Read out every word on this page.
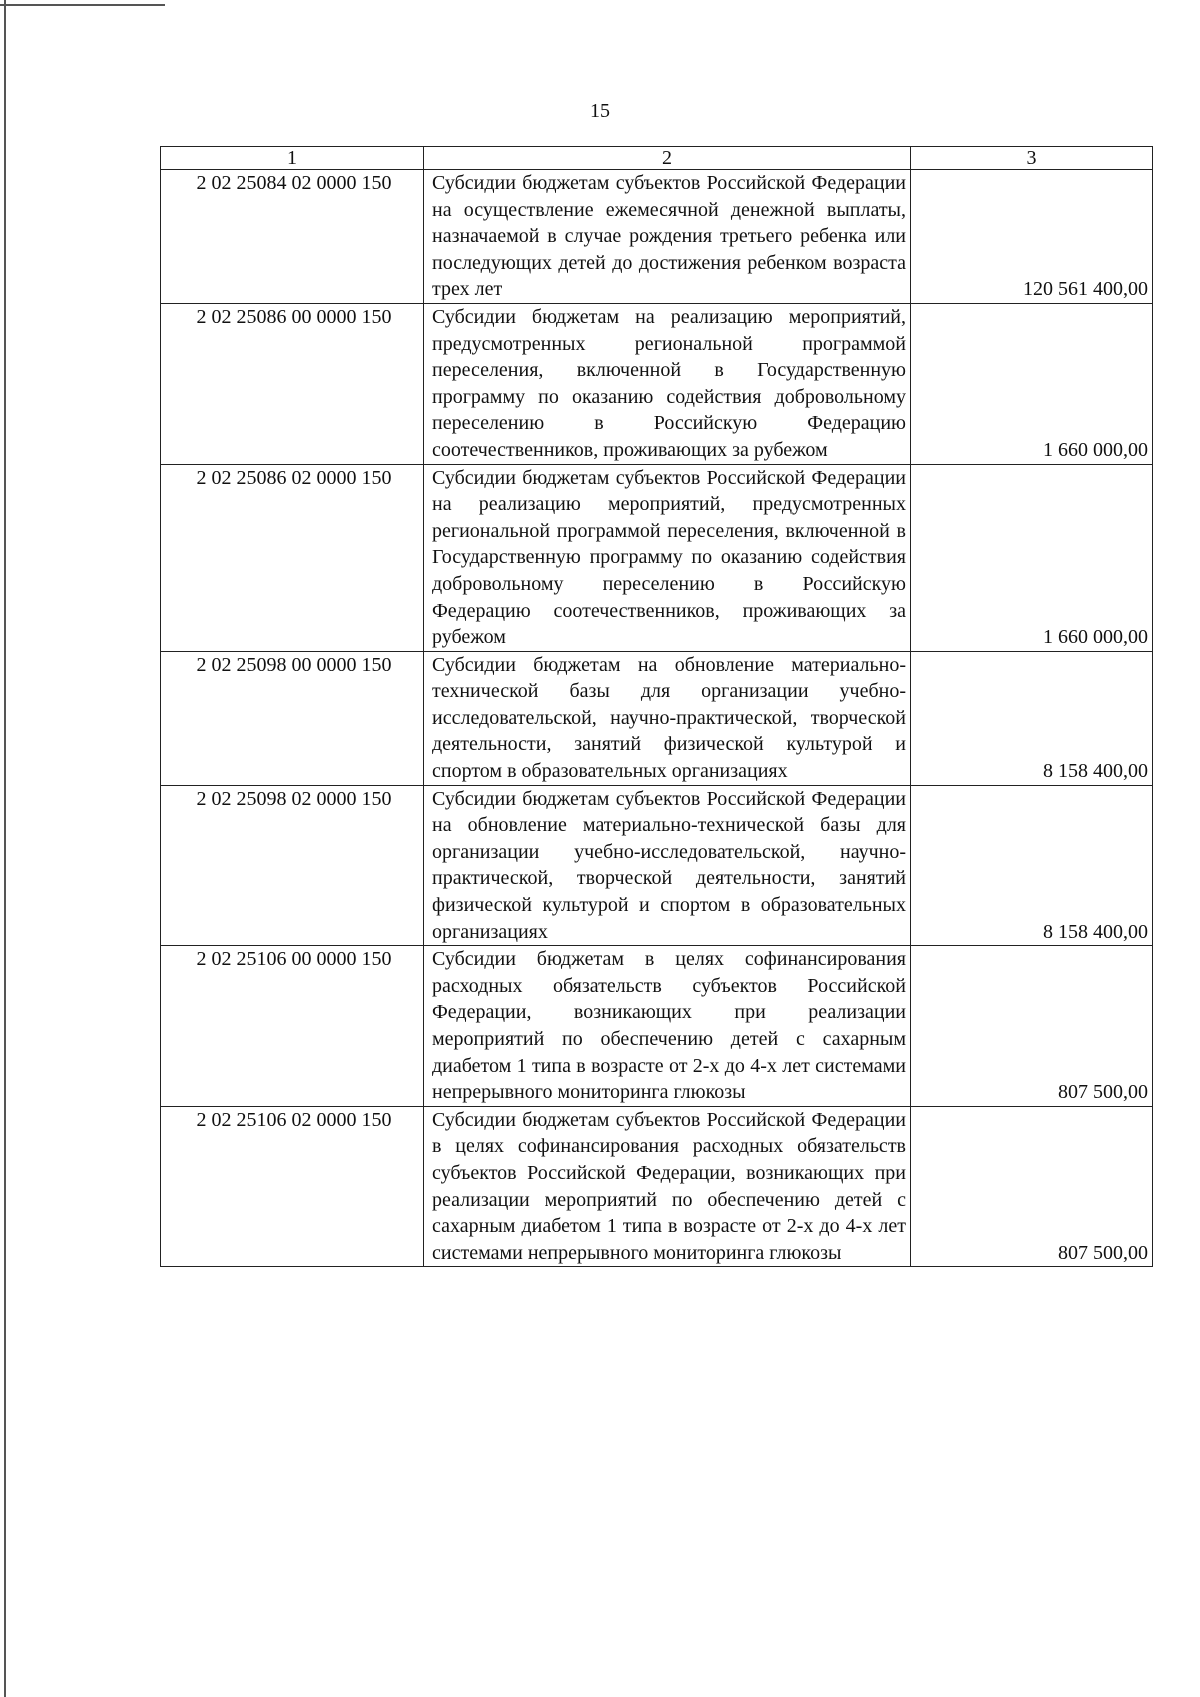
15
1	2	3
2 02 25084 02 0000 150	Субсидии бюджетам субъектов Российской Федерации на осуществление ежемесячной денежной выплаты, назначаемой в случае рождения третьего ребенка или последующих детей до достижения ребенком возраста трех лет	120 561 400,00
2 02 25086 00 0000 150	Субсидии бюджетам на реализацию мероприятий, предусмотренных региональной программой переселения, включенной в Государственную программу по оказанию содействия добровольному переселению в Российскую Федерацию соотечественников, проживающих за рубежом	1 660 000,00
2 02 25086 02 0000 150	Субсидии бюджетам субъектов Российской Федерации на реализацию мероприятий, предусмотренных региональной программой переселения, включенной в Государственную программу по оказанию содействия добровольному переселению в Российскую Федерацию соотечественников, проживающих за рубежом	1 660 000,00
2 02 25098 00 0000 150	Субсидии бюджетам на обновление материально-технической базы для организации учебно-исследовательской, научно-практической, творческой деятельности, занятий физической культурой и спортом в образовательных организациях	8 158 400,00
2 02 25098 02 0000 150	Субсидии бюджетам субъектов Российской Федерации на обновление материально-технической базы для организации учебно-исследовательской, научно-практической, творческой деятельности, занятий физической культурой и спортом в образовательных организациях	8 158 400,00
2 02 25106 00 0000 150	Субсидии бюджетам в целях софинансирования расходных обязательств субъектов Российской Федерации, возникающих при реализации мероприятий по обеспечению детей с сахарным диабетом 1 типа в возрасте от 2-х до 4-х лет системами непрерывного мониторинга глюкозы	807 500,00
2 02 25106 02 0000 150	Субсидии бюджетам субъектов Российской Федерации в целях софинансирования расходных обязательств субъектов Российской Федерации, возникающих при реализации мероприятий по обеспечению детей с сахарным диабетом 1 типа в возрасте от 2-х до 4-х лет системами непрерывного мониторинга глюкозы	807 500,00
